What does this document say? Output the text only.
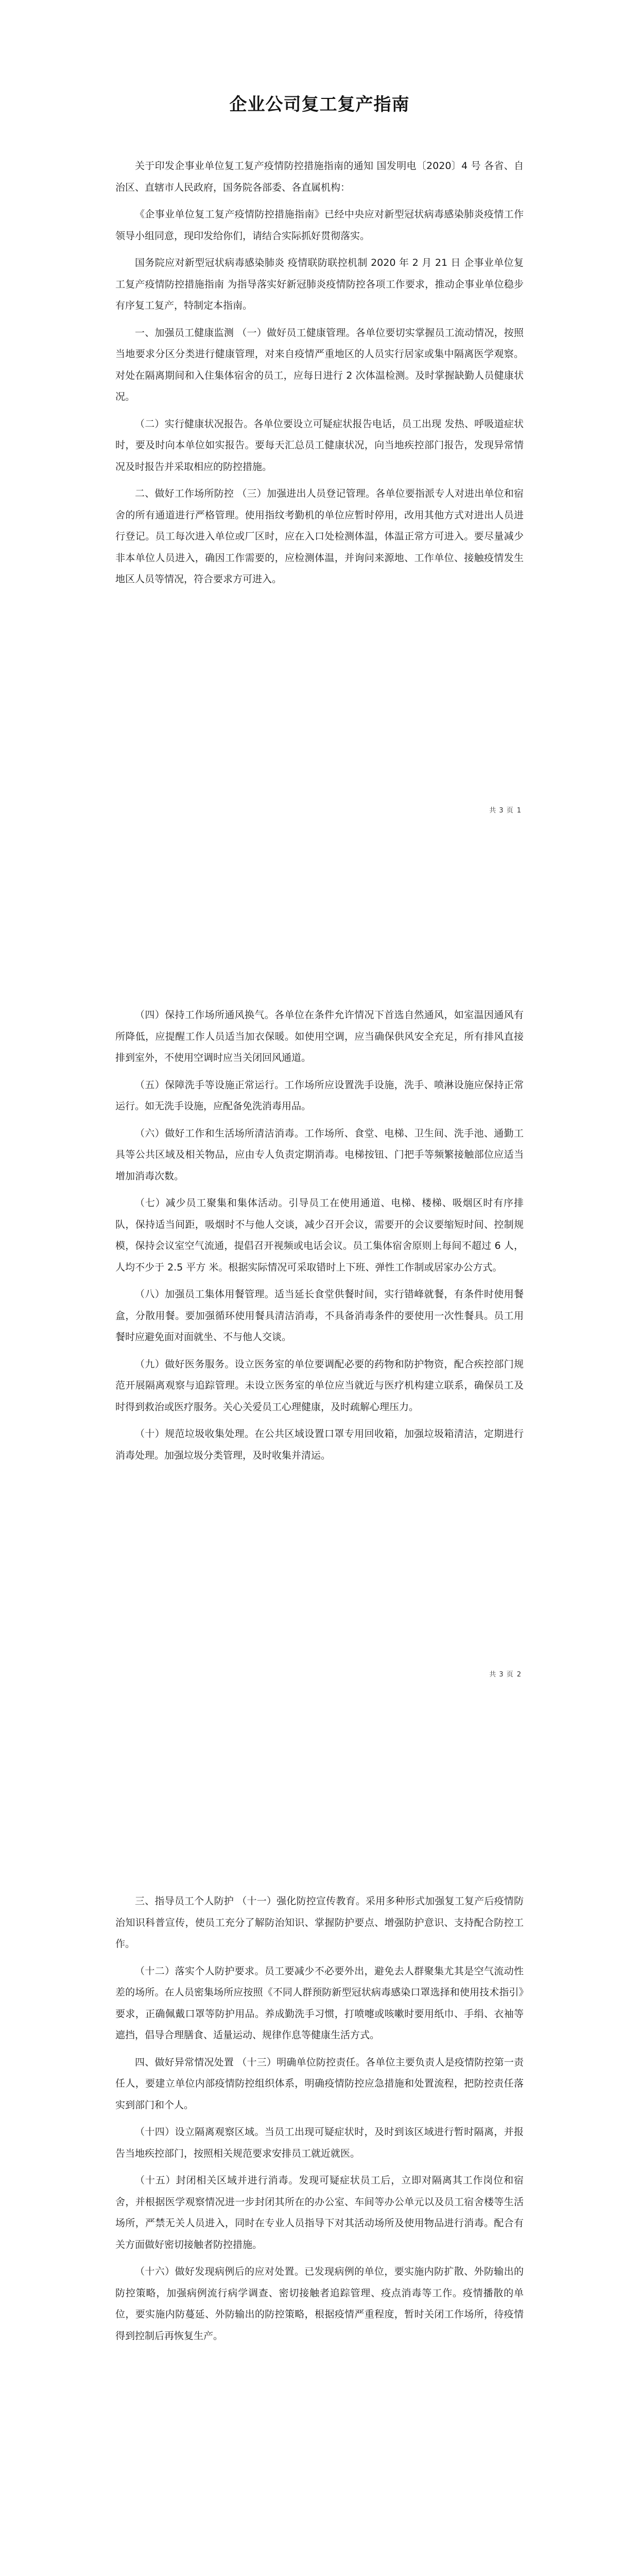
企业公司复工复产指南

关于印发企事业单位复工复产疫情防控措施指南的通知 国发明电〔2020〕4 号 各省、自治区、直辖市人民政府，国务院各部委、各直属机构：

《企事业单位复工复产疫情防控措施指南》已经中央应对新型冠状病毒感染肺炎疫情工作领导小组同意，现印发给你们，请结合实际抓好贯彻落实。

国务院应对新型冠状病毒感染肺炎 疫情联防联控机制 2020 年 2 月 21 日 企事业单位复工复产疫情防控措施指南 为指导落实好新冠肺炎疫情防控各项工作要求，推动企事业单位稳步有序复工复产，特制定本指南。

一、加强员工健康监测 （一）做好员工健康管理。各单位要切实掌握员工流动情况，按照当地要求分区分类进行健康管理，对来自疫情严重地区的人员实行居家或集中隔离医学观察。对处在隔离期间和入住集体宿舍的员工，应每日进行 2 次体温检测。及时掌握缺勤人员健康状况。

（二）实行健康状况报告。各单位要设立可疑症状报告电话，员工出现 发热、呼吸道症状时，要及时向本单位如实报告。要每天汇总员工健康状况，向当地疾控部门报告，发现异常情况及时报告并采取相应的防控措施。

二、做好工作场所防控 （三）加强进出人员登记管理。各单位要指派专人对进出单位和宿舍的所有通道进行严格管理。使用指纹考勤机的单位应暂时停用，改用其他方式对进出人员进行登记。员工每次进入单位或厂区时，应在入口处检测体温，体温正常方可进入。要尽量减少非本单位人员进入，确因工作需要的，应检测体温，并询问来源地、工作单位、接触疫情发生地区人员等情况，符合要求方可进入。

共 3 页 1

（四）保持工作场所通风换气。各单位在条件允许情况下首选自然通风，如室温因通风有所降低，应提醒工作人员适当加衣保暖。如使用空调，应当确保供风安全充足，所有排风直接排到室外，不使用空调时应当关闭回风通道。

（五）保障洗手等设施正常运行。工作场所应设置洗手设施，洗手、喷淋设施应保持正常运行。如无洗手设施，应配备免洗消毒用品。

（六）做好工作和生活场所清洁消毒。工作场所、食堂、电梯、卫生间、洗手池、通勤工具等公共区域及相关物品，应由专人负责定期消毒。电梯按钮、门把手等频繁接触部位应适当增加消毒次数。

（七）减少员工聚集和集体活动。引导员工在使用通道、电梯、楼梯、吸烟区时有序排队，保持适当间距，吸烟时不与他人交谈，减少召开会议，需要开的会议要缩短时间、控制规模，保持会议室空气流通，提倡召开视频或电话会议。员工集体宿舍原则上每间不超过 6 人，人均不少于 2.5 平方 米。根据实际情况可采取错时上下班、弹性工作制或居家办公方式。

（八）加强员工集体用餐管理。适当延长食堂供餐时间，实行错峰就餐，有条件时使用餐盒，分散用餐。要加强循环使用餐具清洁消毒，不具备消毒条件的要使用一次性餐具。员工用餐时应避免面对面就坐、不与他人交谈。

（九）做好医务服务。设立医务室的单位要调配必要的药物和防护物资，配合疾控部门规范开展隔离观察与追踪管理。未设立医务室的单位应当就近与医疗机构建立联系，确保员工及时得到救治或医疗服务。关心关爱员工心理健康，及时疏解心理压力。

（十）规范垃圾收集处理。在公共区域设置口罩专用回收箱，加强垃圾箱清洁，定期进行消毒处理。加强垃圾分类管理，及时收集并清运。

共 3 页 2

三、指导员工个人防护 （十一）强化防控宣传教育。采用多种形式加强复工复产后疫情防治知识科普宣传，使员工充分了解防治知识、掌握防护要点、增强防护意识、支持配合防控工作。

（十二）落实个人防护要求。员工要减少不必要外出，避免去人群聚集尤其是空气流动性差的场所。在人员密集场所应按照《不同人群预防新型冠状病毒感染口罩选择和使用技术指引》要求，正确佩戴口罩等防护用品。养成勤洗手习惯，打喷嚏或咳嗽时要用纸巾、手绢、衣袖等遮挡，倡导合理膳食、适量运动、规律作息等健康生活方式。

四、做好异常情况处置 （十三）明确单位防控责任。各单位主要负责人是疫情防控第一责任人，要建立单位内部疫情防控组织体系，明确疫情防控应急措施和处置流程，把防控责任落实到部门和个人。

（十四）设立隔离观察区域。当员工出现可疑症状时，及时到该区域进行暂时隔离，并报告当地疾控部门，按照相关规范要求安排员工就近就医。

（十五）封闭相关区域并进行消毒。发现可疑症状员工后，立即对隔离其工作岗位和宿舍，并根据医学观察情况进一步封闭其所在的办公室、车间等办公单元以及员工宿舍楼等生活场所，严禁无关人员进入，同时在专业人员指导下对其活动场所及使用物品进行消毒。配合有关方面做好密切接触者防控措施。

（十六）做好发现病例后的应对处置。已发现病例的单位，要实施内防扩散、外防输出的防控策略，加强病例流行病学调查、密切接触者追踪管理、疫点消毒等工作。疫情播散的单位，要实施内防蔓延、外防输出的防控策略，根据疫情严重程度，暂时关闭工作场所，待疫情得到控制后再恢复生产。
